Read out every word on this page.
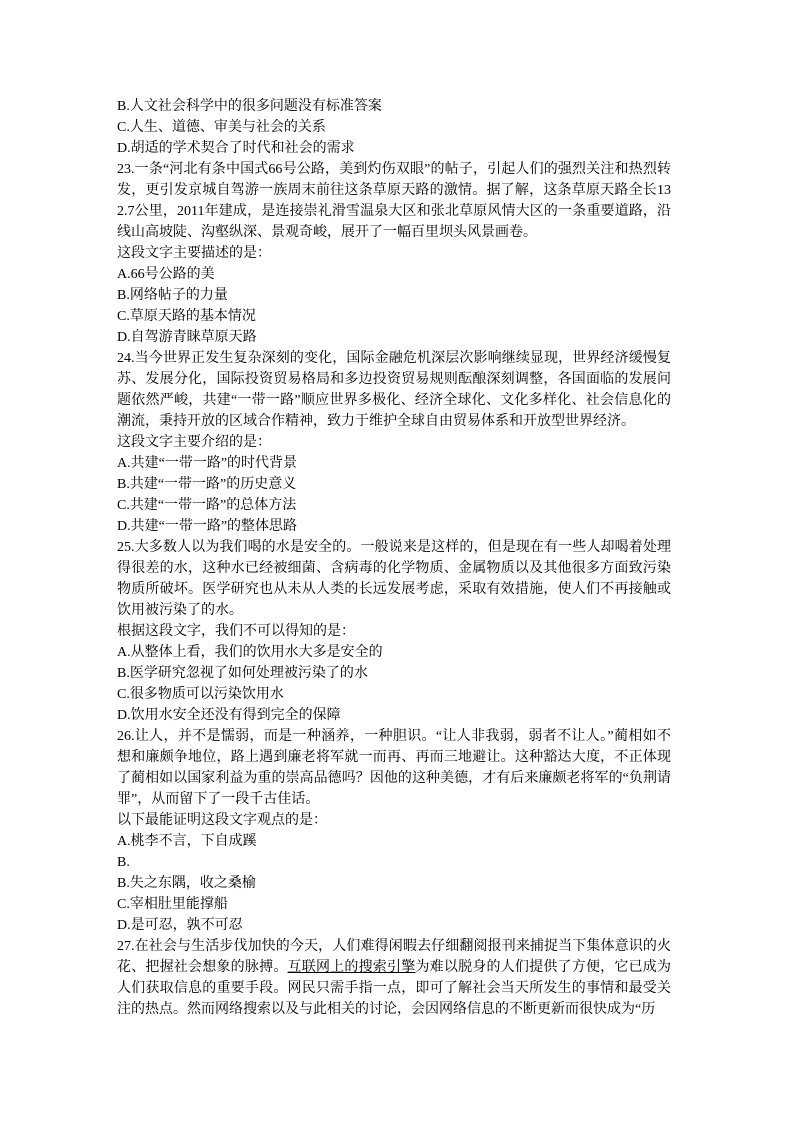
B.人文社会科学中的很多问题没有标准答案

C.人生、道德、审美与社会的关系

D.胡适的学术契合了时代和社会的需求

23.一条“河北有条中国式66号公路，美到灼伤双眼”的帖子，引起人们的强烈关注和热烈转发，更引发京城自驾游一族周末前往这条草原天路的激情。据了解，这条草原天路全长132.7公里，2011年建成，是连接崇礼滑雪温泉大区和张北草原风情大区的一条重要道路，沿线山高坡陡、沟壑纵深、景观奇峻，展开了一幅百里坝头风景画卷。

这段文字主要描述的是：

A.66号公路的美

B.网络帖子的力量

C.草原天路的基本情况

D.自驾游青睐草原天路

24.当今世界正发生复杂深刻的变化，国际金融危机深层次影响继续显现，世界经济缓慢复苏、发展分化，国际投资贸易格局和多边投资贸易规则酝酿深刻调整，各国面临的发展问题依然严峻，共建“一带一路”顺应世界多极化、经济全球化、文化多样化、社会信息化的潮流，秉持开放的区域合作精神，致力于维护全球自由贸易体系和开放型世界经济。

这段文字主要介绍的是：

A.共建“一带一路”的时代背景

B.共建“一带一路”的历史意义

C.共建“一带一路”的总体方法

D.共建“一带一路”的整体思路

25.大多数人以为我们喝的水是安全的。一般说来是这样的，但是现在有一些人却喝着处理得很差的水，这种水已经被细菌、含病毒的化学物质、金属物质以及其他很多方面致污染物质所破坏。医学研究也从未从人类的长远发展考虑，采取有效措施，使人们不再接触或饮用被污染了的水。

根据这段文字，我们不可以得知的是：

A.从整体上看，我们的饮用水大多是安全的

B.医学研究忽视了如何处理被污染了的水

C.很多物质可以污染饮用水

D.饮用水安全还没有得到完全的保障

26.让人，并不是懦弱，而是一种涵养，一种胆识。“让人非我弱，弱者不让人。”蔺相如不想和廉颇争地位，路上遇到廉老将军就一而再、再而三地避让。这种豁达大度，不正体现了蔺相如以国家利益为重的崇高品德吗？因他的这种美德，才有后来廉颇老将军的“负荆请罪”，从而留下了一段千古佳话。

以下最能证明这段文字观点的是：

A.桃李不言，下自成蹊

B.

B.失之东隅，收之桑榆

C.宰相肚里能撑船

D.是可忍，孰不可忍

27.在社会与生活步伐加快的今天，人们难得闲暇去仔细翻阅报刊来捕捉当下集体意识的火花、把握社会想象的脉搏。互联网上的搜索引擎为难以脱身的人们提供了方便，它已成为人们获取信息的重要手段。网民只需手指一点，即可了解社会当天所发生的事情和最受关注的热点。然而网络搜索以及与此相关的讨论，会因网络信息的不断更新而很快成为“历
